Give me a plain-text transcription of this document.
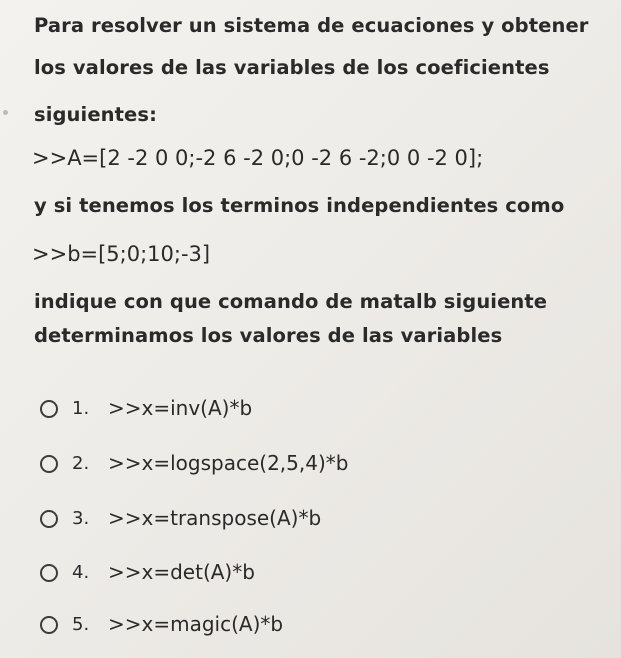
Para resolver un sistema de ecuaciones y obtener
los valores de las variables de los coeficientes
siguientes:
>>A=[2 -2 0 0;-2 6 -2 0;0 -2 6 -2;0 0 -2 0];
y si tenemos los terminos independientes como
>>b=[5;0;10;-3]
indique con que comando de matalb siguiente
determinamos los valores de las variables
1. >>x=inv(A)*b
2. >>x=logspace(2,5,4)*b
3. >>x=transpose(A)*b
4. >>x=det(A)*b
5. >>x=magic(A)*b
